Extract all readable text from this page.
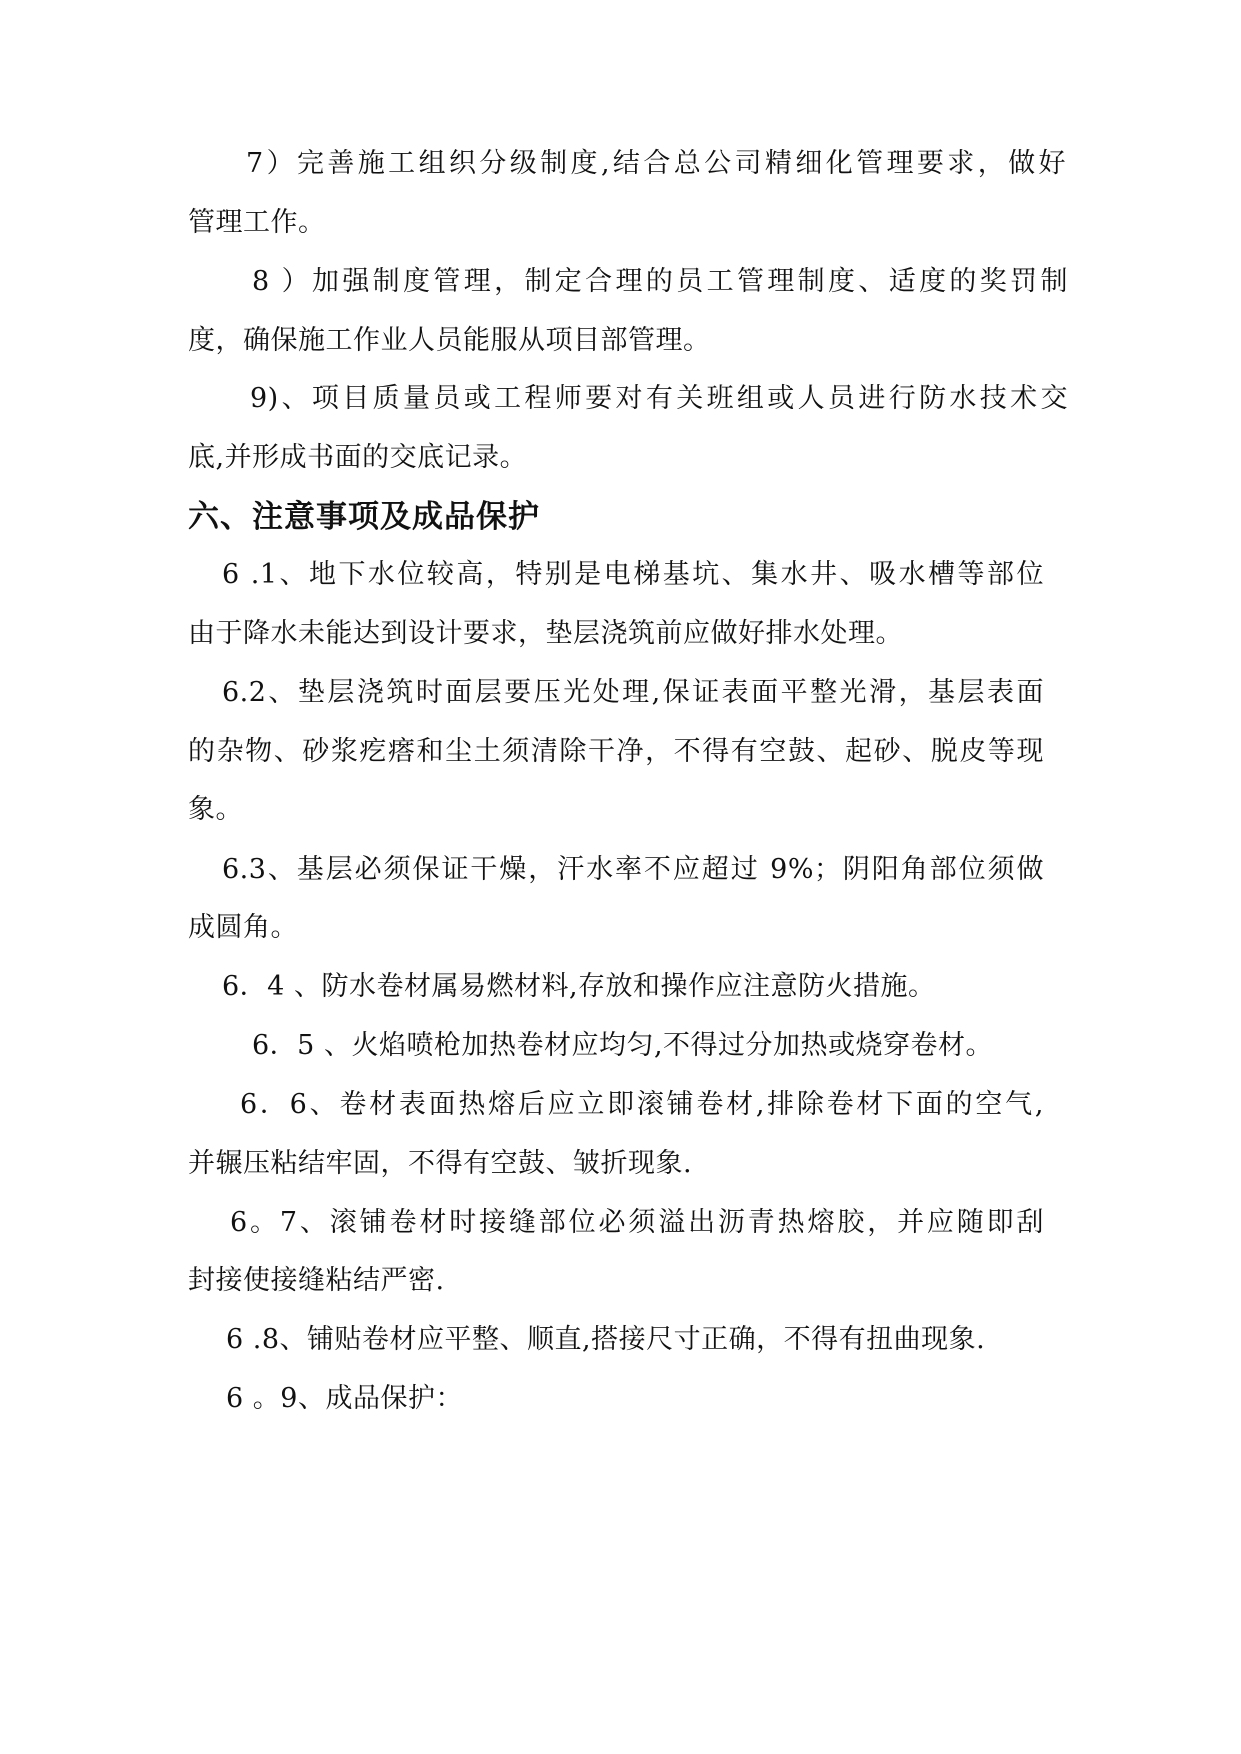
7）完善施工组织分级制度,结合总公司精细化管理要求，做好
管理工作。
8 ）加强制度管理，制定合理的员工管理制度、适度的奖罚制
度，确保施工作业人员能服从项目部管理。
9)、项目质量员或工程师要对有关班组或人员进行防水技术交
底,并形成书面的交底记录。
六、注意事项及成品保护
6 .1、地下水位较高，特别是电梯基坑、集水井、吸水槽等部位
由于降水未能达到设计要求，垫层浇筑前应做好排水处理。
6.2、垫层浇筑时面层要压光处理,保证表面平整光滑，基层表面
的杂物、砂浆疙瘩和尘土须清除干净，不得有空鼓、起砂、脱皮等现
象。
6.3、基层必须保证干燥，汗水率不应超过 9%；阴阳角部位须做
成圆角。
6．4 、防水卷材属易燃材料,存放和操作应注意防火措施。
6．5 、火焰喷枪加热卷材应均匀,不得过分加热或烧穿卷材。
6．6、卷材表面热熔后应立即滚铺卷材,排除卷材下面的空气,
并辗压粘结牢固，不得有空鼓、皱折现象.
6。7、滚铺卷材时接缝部位必须溢出沥青热熔胶，并应随即刮
封接使接缝粘结严密.
6 .8、铺贴卷材应平整、顺直,搭接尺寸正确，不得有扭曲现象.
6 。9、成品保护：
